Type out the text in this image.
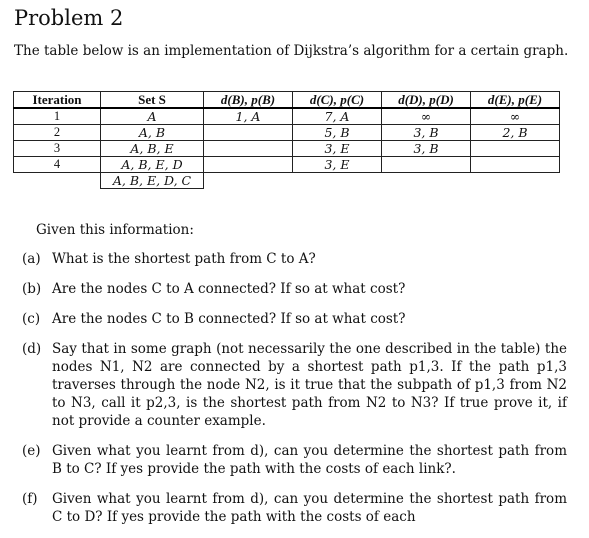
Problem 2

The table below is an implementation of Dijkstra’s algorithm for a certain graph.

Iteration	Set S	d(B), p(B)	d(C), p(C)	d(D), p(D)	d(E), p(E)
1	A	1, A	7, A	∞	∞
2	A, B		5, B	3, B	2, B
3	A, B, E		3, E	3, B	
4	A, B, E, D		3, E		
	A, B, E, D, C				

Given this information:

(a) What is the shortest path from C to A?
(b) Are the nodes C to A connected? If so at what cost?
(c) Are the nodes C to B connected? If so at what cost?
(d) Say that in some graph (not necessarily the one described in the table) the nodes N1, N2 are connected by a shortest path p1,3. If the path p1,3 traverses through the node N2, is it true that the subpath of p1,3 from N2 to N3, call it p2,3, is the shortest path from N2 to N3? If true prove it, if not provide a counter example.
(e) Given what you learnt from d), can you determine the shortest path from B to C? If yes provide the path with the costs of each link?.
(f)	Given what you learnt from d), can you determine the shortest path from C to D? If yes provide the path with the costs of each
